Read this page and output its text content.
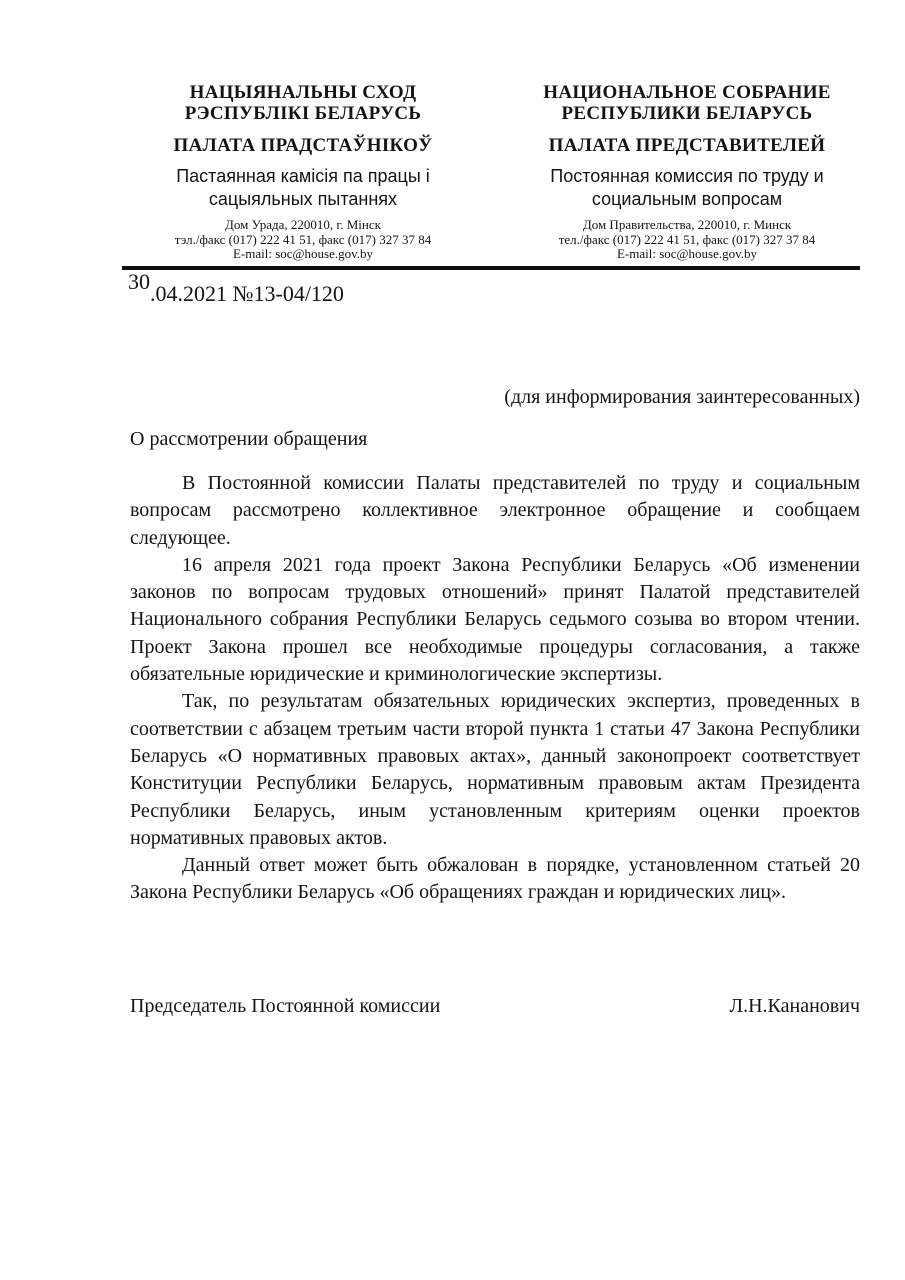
НАЦЫЯНАЛЬНЫ СХОД
РЭСПУБЛІКІ БЕЛАРУСЬ
ПАЛАТА ПРАДСТАЎНІКОЎ
Пастаянная камісія па працы і
сацыяльных пытаннях
Дом Урада, 220010, г. Мінск
тэл./факс (017) 222 41 51, факс (017) 327 37 84
E-mail: soc@house.gov.by
НАЦИОНАЛЬНОЕ СОБРАНИЕ
РЕСПУБЛИКИ БЕЛАРУСЬ
ПАЛАТА ПРЕДСТАВИТЕЛЕЙ
Постоянная комиссия по труду и
социальным вопросам
Дом Правительства, 220010, г. Минск
тел./факс (017) 222 41 51, факс (017) 327 37 84
E-mail: soc@house.gov.by
30.04.2021 №13-04/120
(для информирования заинтересованных)
О рассмотрении обращения

В Постоянной комиссии Палаты представителей по труду и социальным вопросам рассмотрено коллективное электронное обращение и сообщаем следующее.

16 апреля 2021 года проект Закона Республики Беларусь «Об изменении законов по вопросам трудовых отношений» принят Палатой представителей Национального собрания Республики Беларусь седьмого созыва во втором чтении. Проект Закона прошел все необходимые процедуры согласования, а также обязательные юридические и криминологические экспертизы.

Так, по результатам обязательных юридических экспертиз, проведенных в соответствии с абзацем третьим части второй пункта 1 статьи 47 Закона Республики Беларусь «О нормативных правовых актах», данный законопроект соответствует Конституции Республики Беларусь, нормативным правовым актам Президента Республики Беларусь, иным установленным критериям оценки проектов нормативных правовых актов.

Данный ответ может быть обжалован в порядке, установленном статьей 20 Закона Республики Беларусь «Об обращениях граждан и юридических лиц».

Председатель Постоянной комиссии	Л.Н.Кананович
